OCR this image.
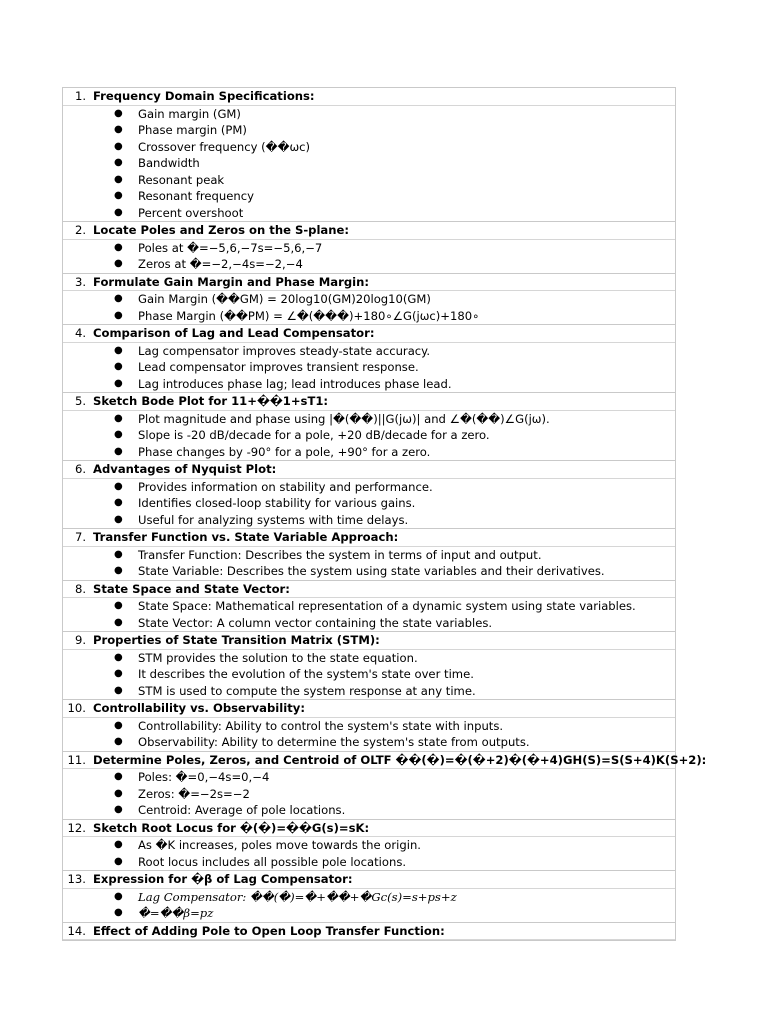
1. Frequency Domain Specifications:
● Gain margin (GM)
● Phase margin (PM)
● Crossover frequency (��ωc)
● Bandwidth
● Resonant peak
● Resonant frequency
● Percent overshoot
2. Locate Poles and Zeros on the S-plane:
● Poles at �=−5,6,−7s=−5,6,−7
● Zeros at �=−2,−4s=−2,−4
3. Formulate Gain Margin and Phase Margin:
● Gain Margin (��GM) = 20log10(GM)20log10(GM)
● Phase Margin (��PM) = ∠�(���)+180∘∠G(jωc)+180∘
4. Comparison of Lag and Lead Compensator:
● Lag compensator improves steady-state accuracy.
● Lead compensator improves transient response.
● Lag introduces phase lag; lead introduces phase lead.
5. Sketch Bode Plot for 11+��1+sT1:
● Plot magnitude and phase using |�(��)||G(jω)| and ∠�(��)∠G(jω).
● Slope is -20 dB/decade for a pole, +20 dB/decade for a zero.
● Phase changes by -90° for a pole, +90° for a zero.
6. Advantages of Nyquist Plot:
● Provides information on stability and performance.
● Identifies closed-loop stability for various gains.
● Useful for analyzing systems with time delays.
7. Transfer Function vs. State Variable Approach:
● Transfer Function: Describes the system in terms of input and output.
● State Variable: Describes the system using state variables and their derivatives.
8. State Space and State Vector:
● State Space: Mathematical representation of a dynamic system using state variables.
● State Vector: A column vector containing the state variables.
9. Properties of State Transition Matrix (STM):
● STM provides the solution to the state equation.
● It describes the evolution of the system's state over time.
● STM is used to compute the system response at any time.
10. Controllability vs. Observability:
● Controllability: Ability to control the system's state with inputs.
● Observability: Ability to determine the system's state from outputs.
11. Determine Poles, Zeros, and Centroid of OLTF ��(�)=�(�+2)�(�+4)GH(S)=S(S+4)K(S+2):
● Poles: �=0,−4s=0,−4
● Zeros: �=−2s=−2
● Centroid: Average of pole locations.
12. Sketch Root Locus for �(�)=��G(s)=sK:
● As �K increases, poles move towards the origin.
● Root locus includes all possible pole locations.
13. Expression for �β of Lag Compensator:
● Lag Compensator: ��(�)=�+��+�Gc(s)=s+ps+z
● �=��β=pz
14. Effect of Adding Pole to Open Loop Transfer Function:
